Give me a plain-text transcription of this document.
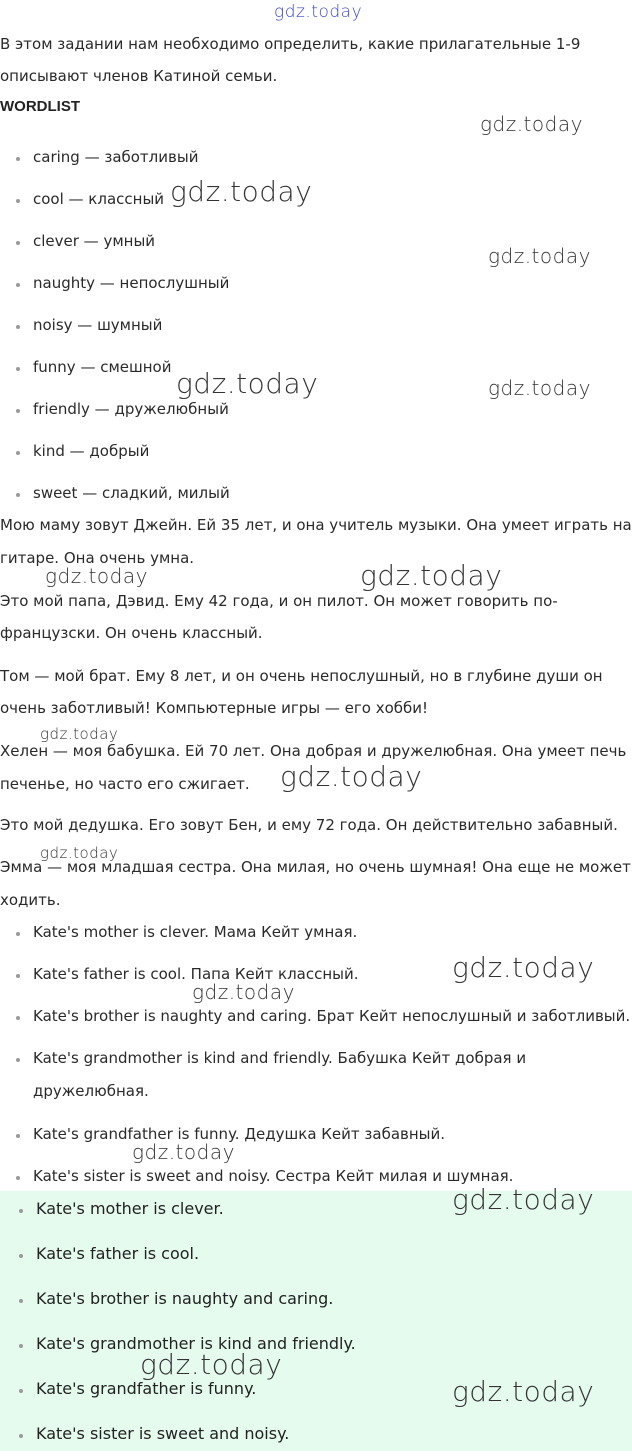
gdz.today
В этом задании нам необходимо определить, какие прилагательные 1-9
описывают членов Катиной семьи.
WORDLIST
caring — заботливый
cool — классный
clever — умный
naughty — непослушный
noisy — шумный
funny — смешной
friendly — дружелюбный
kind — добрый
sweet — сладкий, милый
Мою маму зовут Джейн. Ей 35 лет, и она учитель музыки. Она умеет играть на
гитаре. Она очень умна.
Это мой папа, Дэвид. Ему 42 года, и он пилот. Он может говорить по-
французски. Он очень классный.
Том — мой брат. Ему 8 лет, и он очень непослушный, но в глубине души он
очень заботливый! Компьютерные игры — его хобби!
Хелен — моя бабушка. Ей 70 лет. Она добрая и дружелюбная. Она умеет печь
печенье, но часто его сжигает.
Это мой дедушка. Его зовут Бен, и ему 72 года. Он действительно забавный.
Эмма — моя младшая сестра. Она милая, но очень шумная! Она еще не может
ходить.
Kate's mother is clever. Мама Кейт умная.
Kate's father is cool. Папа Кейт классный.
Kate's brother is naughty and caring. Брат Кейт непослушный и заботливый.
Kate's grandmother is kind and friendly. Бабушка Кейт добрая и
дружелюбная.
Kate's grandfather is funny. Дедушка Кейт забавный.
Kate's sister is sweet and noisy. Сестра Кейт милая и шумная.
Kate's mother is clever.
Kate's father is cool.
Kate's brother is naughty and caring.
Kate's grandmother is kind and friendly.
Kate's grandfather is funny.
Kate's sister is sweet and noisy.
gdz.today
gdz.today
gdz.today
gdz.today	gdz.today
gdz.today	gdz.today
gdz.today
gdz.today
gdz.today
gdz.today
gdz.today
gdz.today
gdz.today
gdz.today
gdz.today
